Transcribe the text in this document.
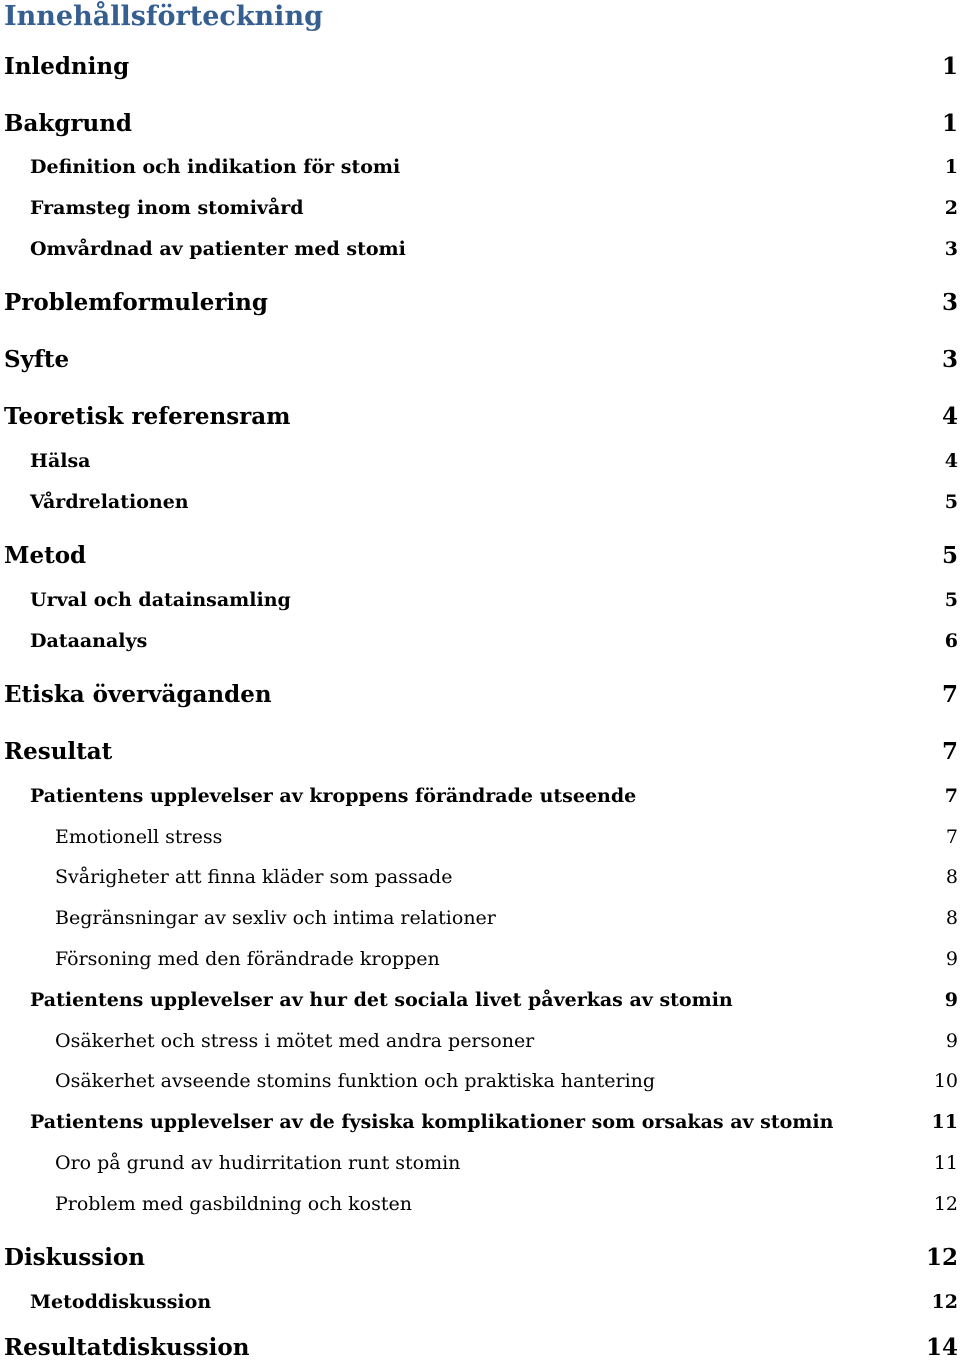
Innehållsförteckning
Inledning	1
Bakgrund	1
Definition och indikation för stomi	1
Framsteg inom stomivård	2
Omvårdnad av patienter med stomi	3
Problemformulering	3
Syfte	3
Teoretisk referensram	4
Hälsa	4
Vårdrelationen	5
Metod	5
Urval och datainsamling	5
Dataanalys	6
Etiska överväganden	7
Resultat	7
Patientens upplevelser av kroppens förändrade utseende	7
Emotionell stress	7
Svårigheter att finna kläder som passade	8
Begränsningar av sexliv och intima relationer	8
Försoning med den förändrade kroppen	9
Patientens upplevelser av hur det sociala livet påverkas av stomin	9
Osäkerhet och stress i mötet med andra personer	9
Osäkerhet avseende stomins funktion och praktiska hantering	10
Patientens upplevelser av de fysiska komplikationer som orsakas av stomin	11
Oro på grund av hudirritation runt stomin	11
Problem med gasbildning och kosten	12
Diskussion	12
Metoddiskussion	12
Resultatdiskussion	14
